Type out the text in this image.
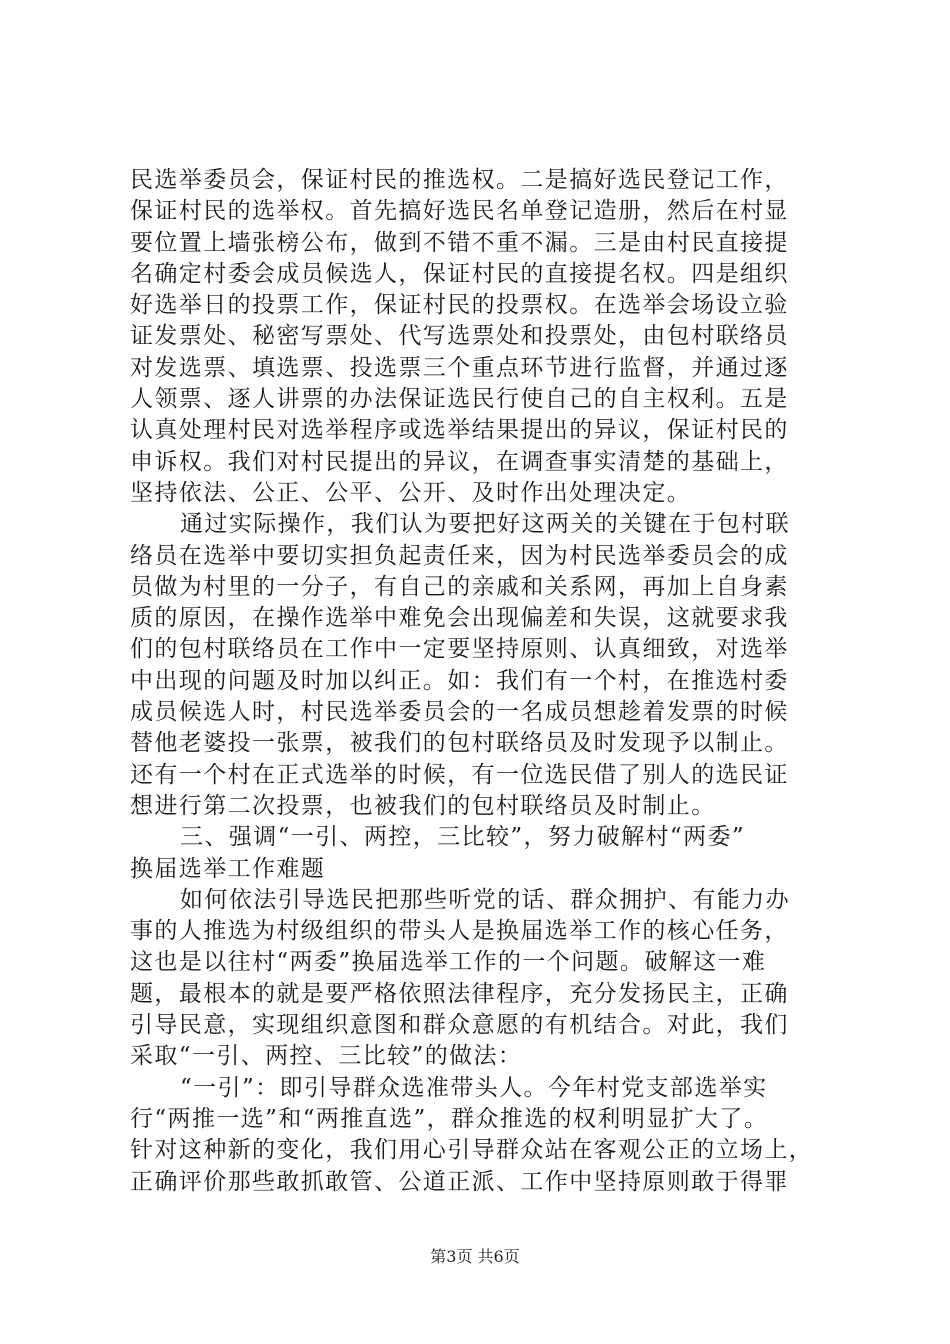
民选举委员会，保证村民的推选权。二是搞好选民登记工作，

保证村民的选举权。首先搞好选民名单登记造册，然后在村显

要位置上墙张榜公布，做到不错不重不漏。三是由村民直接提

名确定村委会成员候选人，保证村民的直接提名权。四是组织

好选举日的投票工作，保证村民的投票权。在选举会场设立验

证发票处、秘密写票处、代写选票处和投票处，由包村联络员

对发选票、填选票、投选票三个重点环节进行监督，并通过逐

人领票、逐人讲票的办法保证选民行使自己的自主权利。五是

认真处理村民对选举程序或选举结果提出的异议，保证村民的

申诉权。我们对村民提出的异议，在调查事实清楚的基础上，

坚持依法、公正、公平、公开、及时作出处理决定。

通过实际操作，我们认为要把好这两关的关键在于包村联

络员在选举中要切实担负起责任来，因为村民选举委员会的成

员做为村里的一分子，有自己的亲戚和关系网，再加上自身素

质的原因，在操作选举中难免会出现偏差和失误，这就要求我

们的包村联络员在工作中一定要坚持原则、认真细致，对选举

中出现的问题及时加以纠正。如：我们有一个村，在推选村委

成员候选人时，村民选举委员会的一名成员想趁着发票的时候

替他老婆投一张票，被我们的包村联络员及时发现予以制止。

还有一个村在正式选举的时候，有一位选民借了别人的选民证

想进行第二次投票，也被我们的包村联络员及时制止。

三、强调“一引、两控，三比较”，努力破解村“两委”

换届选举工作难题

如何依法引导选民把那些听党的话、群众拥护、有能力办

事的人推选为村级组织的带头人是换届选举工作的核心任务，

这也是以往村“两委”换届选举工作的一个问题。破解这一难

题，最根本的就是要严格依照法律程序，充分发扬民主，正确

引导民意，实现组织意图和群众意愿的有机结合。对此，我们

采取“一引、两控、三比较”的做法：

“一引”：即引导群众选准带头人。今年村党支部选举实

行“两推一选”和“两推直选”，群众推选的权利明显扩大了。

针对这种新的变化，我们用心引导群众站在客观公正的立场上，

正确评价那些敢抓敢管、公道正派、工作中坚持原则敢于得罪

第3页 共6页
